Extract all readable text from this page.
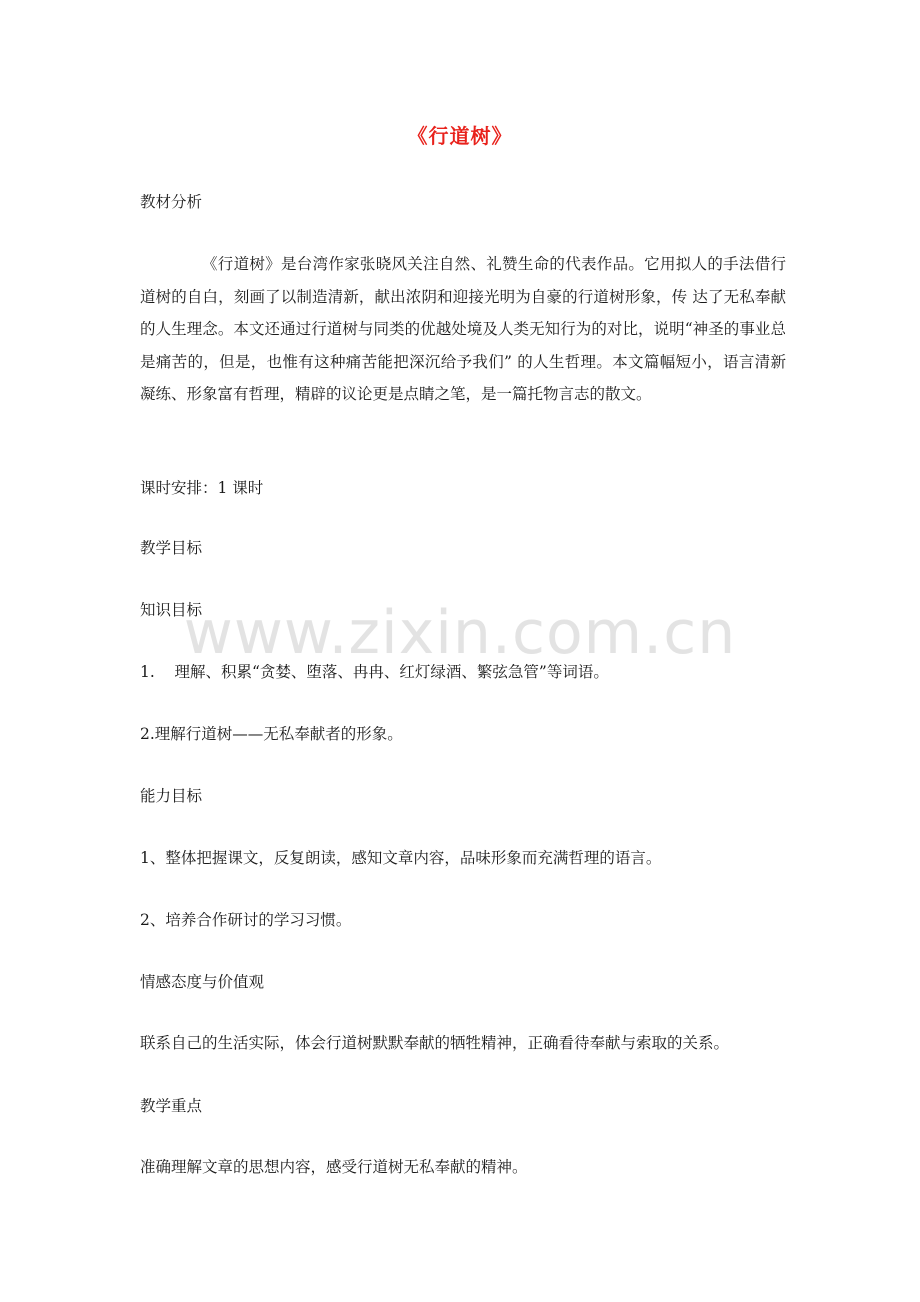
《行道树》
教材分析
《行道树》是台湾作家张晓风关注自然、礼赞生命的代表作品。它用拟人的手法借行道树的自白，刻画了以制造清新，献出浓阴和迎接光明为自豪的行道树形象，传 达了无私奉献的人生理念。本文还通过行道树与同类的优越处境及人类无知行为的对比，说明“神圣的事业总是痛苦的，但是，也惟有这种痛苦能把深沉给予我们” 的人生哲理。本文篇幅短小，语言清新凝练、形象富有哲理，精辟的议论更是点睛之笔，是一篇托物言志的散文。
课时安排：1 课时
教学目标
知识目标
1.    理解、积累“贪婪、堕落、冉冉、红灯绿酒、繁弦急管”等词语。
2.理解行道树——无私奉献者的形象。
能力目标
1、整体把握课文，反复朗读，感知文章内容，品味形象而充满哲理的语言。
2、培养合作研讨的学习习惯。
情感态度与价值观
联系自己的生活实际，体会行道树默默奉献的牺牲精神，正确看待奉献与索取的关系。
教学重点
准确理解文章的思想内容，感受行道树无私奉献的精神。
www.zixin.com.cn
